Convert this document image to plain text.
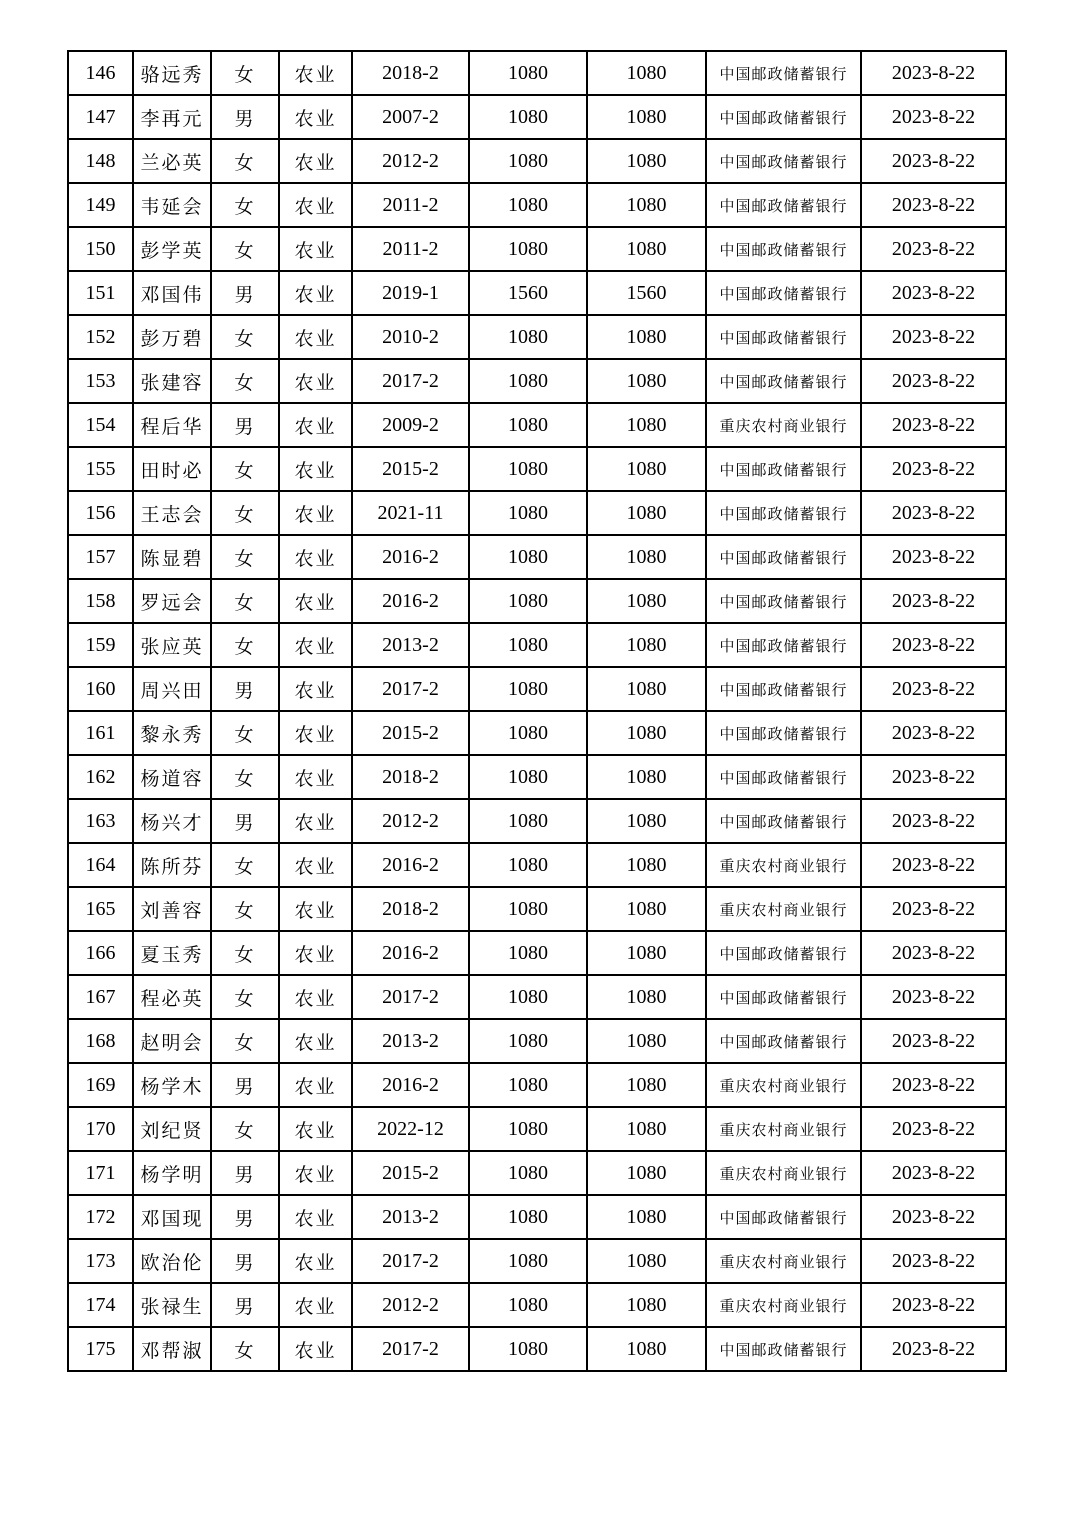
146	骆远秀	女	农业	2018-2	1080	1080	中国邮政储蓄银行	2023-8-22
147	李再元	男	农业	2007-2	1080	1080	中国邮政储蓄银行	2023-8-22
148	兰必英	女	农业	2012-2	1080	1080	中国邮政储蓄银行	2023-8-22
149	韦延会	女	农业	2011-2	1080	1080	中国邮政储蓄银行	2023-8-22
150	彭学英	女	农业	2011-2	1080	1080	中国邮政储蓄银行	2023-8-22
151	邓国伟	男	农业	2019-1	1560	1560	中国邮政储蓄银行	2023-8-22
152	彭万碧	女	农业	2010-2	1080	1080	中国邮政储蓄银行	2023-8-22
153	张建容	女	农业	2017-2	1080	1080	中国邮政储蓄银行	2023-8-22
154	程后华	男	农业	2009-2	1080	1080	重庆农村商业银行	2023-8-22
155	田时必	女	农业	2015-2	1080	1080	中国邮政储蓄银行	2023-8-22
156	王志会	女	农业	2021-11	1080	1080	中国邮政储蓄银行	2023-8-22
157	陈显碧	女	农业	2016-2	1080	1080	中国邮政储蓄银行	2023-8-22
158	罗远会	女	农业	2016-2	1080	1080	中国邮政储蓄银行	2023-8-22
159	张应英	女	农业	2013-2	1080	1080	中国邮政储蓄银行	2023-8-22
160	周兴田	男	农业	2017-2	1080	1080	中国邮政储蓄银行	2023-8-22
161	黎永秀	女	农业	2015-2	1080	1080	中国邮政储蓄银行	2023-8-22
162	杨道容	女	农业	2018-2	1080	1080	中国邮政储蓄银行	2023-8-22
163	杨兴才	男	农业	2012-2	1080	1080	中国邮政储蓄银行	2023-8-22
164	陈所芬	女	农业	2016-2	1080	1080	重庆农村商业银行	2023-8-22
165	刘善容	女	农业	2018-2	1080	1080	重庆农村商业银行	2023-8-22
166	夏玉秀	女	农业	2016-2	1080	1080	中国邮政储蓄银行	2023-8-22
167	程必英	女	农业	2017-2	1080	1080	中国邮政储蓄银行	2023-8-22
168	赵明会	女	农业	2013-2	1080	1080	中国邮政储蓄银行	2023-8-22
169	杨学木	男	农业	2016-2	1080	1080	重庆农村商业银行	2023-8-22
170	刘纪贤	女	农业	2022-12	1080	1080	重庆农村商业银行	2023-8-22
171	杨学明	男	农业	2015-2	1080	1080	重庆农村商业银行	2023-8-22
172	邓国现	男	农业	2013-2	1080	1080	中国邮政储蓄银行	2023-8-22
173	欧治伦	男	农业	2017-2	1080	1080	重庆农村商业银行	2023-8-22
174	张禄生	男	农业	2012-2	1080	1080	重庆农村商业银行	2023-8-22
175	邓帮淑	女	农业	2017-2	1080	1080	中国邮政储蓄银行	2023-8-22
